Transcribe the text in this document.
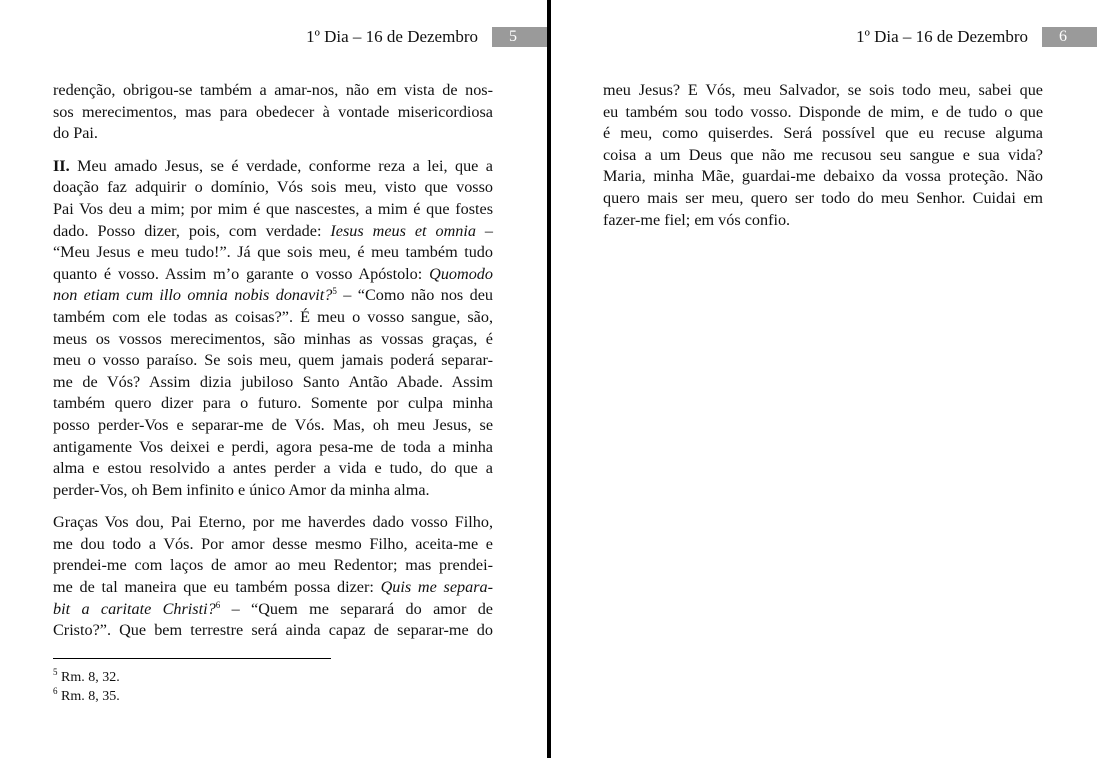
1º Dia – 16 de Dezembro	5

redenção, obrigou-se também a amar-nos, não em vista de nos-
sos merecimentos, mas para obedecer à vontade misericordiosa
do Pai.

II. Meu amado Jesus, se é verdade, conforme reza a lei, que a
doação faz adquirir o domínio, Vós sois meu, visto que vosso
Pai Vos deu a mim; por mim é que nascestes, a mim é que fostes
dado. Posso dizer, pois, com verdade: Iesus meus et omnia –
“Meu Jesus e meu tudo!”. Já que sois meu, é meu também tudo
quanto é vosso. Assim m’o garante o vosso Apóstolo: Quomodo
non etiam cum illo omnia nobis donavit?$^5$ – “Como não nos deu
também com ele todas as coisas?”. É meu o vosso sangue, são,
meus os vossos merecimentos, são minhas as vossas graças, é
meu o vosso paraíso. Se sois meu, quem jamais poderá separar-
me de Vós? Assim dizia jubiloso Santo Antão Abade. Assim
também quero dizer para o futuro. Somente por culpa minha
posso perder-Vos e separar-me de Vós. Mas, oh meu Jesus, se
antigamente Vos deixei e perdi, agora pesa-me de toda a minha
alma e estou resolvido a antes perder a vida e tudo, do que a
perder-Vos, oh Bem infinito e único Amor da minha alma.

Graças Vos dou, Pai Eterno, por me haverdes dado vosso Filho,
me dou todo a Vós. Por amor desse mesmo Filho, aceita-me e
prendei-me com laços de amor ao meu Redentor; mas prendei-
me de tal maneira que eu também possa dizer: Quis me separa-
bit a caritate Christi?$^6$ – “Quem me separará do amor de
Cristo?”. Que bem terrestre será ainda capaz de separar-me do

$^5$ Rm. 8, 32.
$^6$ Rm. 8, 35.
1º Dia – 16 de Dezembro	6

meu Jesus? E Vós, meu Salvador, se sois todo meu, sabei que
eu também sou todo vosso. Disponde de mim, e de tudo o que
é meu, como quiserdes. Será possível que eu recuse alguma
coisa a um Deus que não me recusou seu sangue e sua vida?
Maria, minha Mãe, guardai-me debaixo da vossa proteção. Não
quero mais ser meu, quero ser todo do meu Senhor. Cuidai em
fazer-me fiel; em vós confio.
